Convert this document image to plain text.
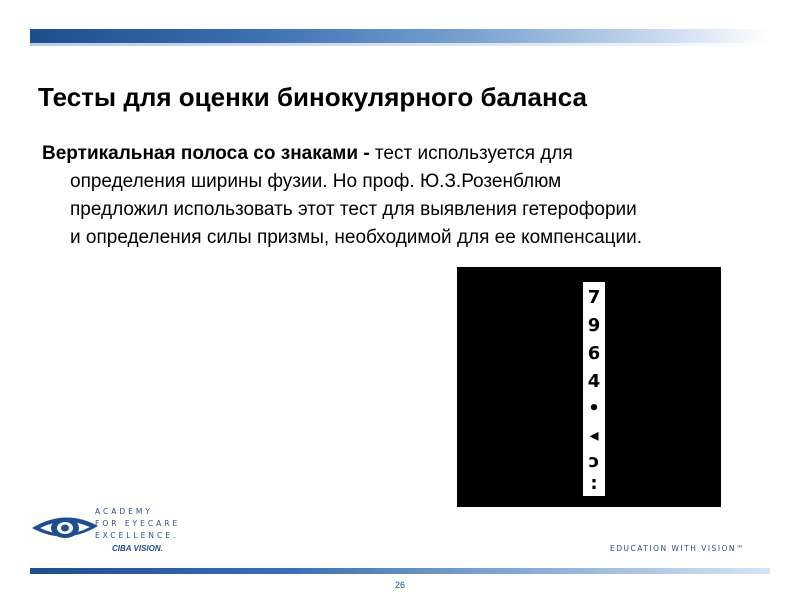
Тесты для оценки бинокулярного баланса
Вертикальная полоса со знаками - тест используется для
определения ширины фузии. Но проф. Ю.З.Розенблюм
предложил использовать этот тест для выявления гетерофории
и определения силы призмы, необходимой для ее компенсации.
7
9
6
4
•
◂
ɔ
:
ACADEMY
FOR EYECARE
EXCELLENCE.
CIBA VISION.	EDUCATION WITH VISION™
26
